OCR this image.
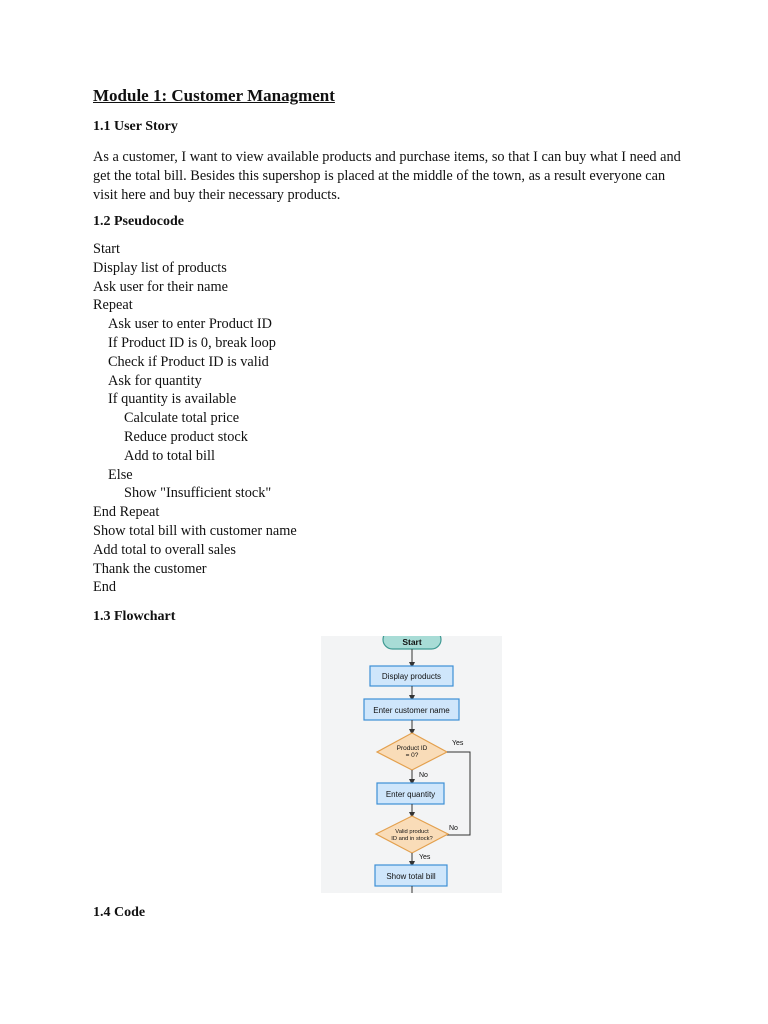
Module 1: Customer Managment
1.1 User Story

As a customer, I want to view available products and purchase items, so that I can buy what I need and get the total bill. Besides this supershop is placed at the middle of the town, as a result everyone can visit here and buy their necessary products.

1.2 Pseudocode
Start
Display list of products
Ask user for their name
Repeat
Ask user to enter Product ID
If Product ID is 0, break loop
Check if Product ID is valid
Ask for quantity
If quantity is available
Calculate total price
Reduce product stock
Add to total bill
Else
Show "Insufficient stock"
End Repeat
Show total bill with customer name
Add total to overall sales
Thank the customer
End
1.3 Flowchart
Start
Display products
Enter customer name
Product ID
= 0?
Yes
No
Enter quantity
Valid product
ID and in stock?
No
Yes
Show total bill
1.4 Code
